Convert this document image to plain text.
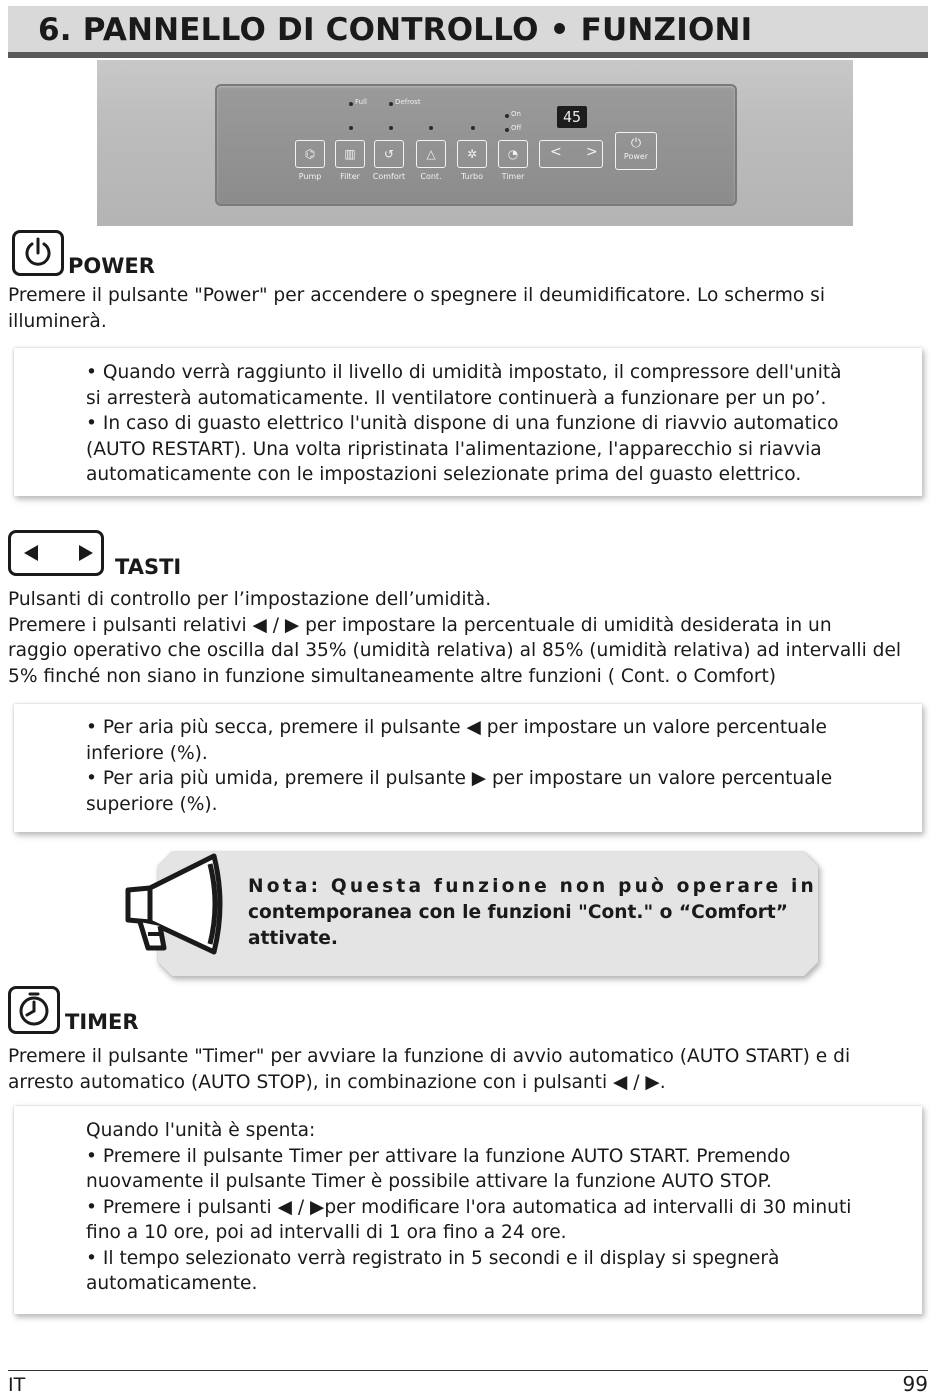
6. PANNELLO DI CONTROLLO • FUNZIONI
Full	Defrost
On
Off
45
⌬
Pump
▥
Filter
↺
Comfort
△
Cont.
✲
Turbo
◔
Timer
< >
⏻
Power
POWER
Premere il pulsante "Power" per accendere o spegnere il deumidificatore. Lo schermo si
illuminerà.
• Quando verrà raggiunto il livello di umidità impostato, il compressore dell'unità
si arresterà automaticamente. Il ventilatore continuerà a funzionare per un po’.
• In caso di guasto elettrico l'unità dispone di una funzione di riavvio automatico
(AUTO RESTART). Una volta ripristinata l'alimentazione, l'apparecchio si riavvia
automaticamente con le impostazioni selezionate prima del guasto elettrico.
TASTI
Pulsanti di controllo per l’impostazione dell’umidità.
Premere i pulsanti relativi ◀ / ▶ per impostare la percentuale di umidità desiderata in un
raggio operativo che oscilla dal 35% (umidità relativa) al 85% (umidità relativa) ad intervalli del
5% finché non siano in funzione simultaneamente altre funzioni ( Cont. o Comfort)
• Per aria più secca, premere il pulsante ◀ per impostare un valore percentuale
inferiore (%).
• Per aria più umida, premere il pulsante ▶ per impostare un valore percentuale
superiore (%).
Nota: Questa funzione non può operare in
contemporanea con le funzioni "Cont." o “Comfort”
attivate.
TIMER
Premere il pulsante "Timer" per avviare la funzione di avvio automatico (AUTO START) e di
arresto automatico (AUTO STOP), in combinazione con i pulsanti ◀ / ▶.
Quando l'unità è spenta:
• Premere il pulsante Timer per attivare la funzione AUTO START. Premendo
nuovamente il pulsante Timer è possibile attivare la funzione AUTO STOP.
• Premere i pulsanti ◀ / ▶per modificare l'ora automatica ad intervalli di 30 minuti
fino a 10 ore, poi ad intervalli di 1 ora fino a 24 ore.
• Il tempo selezionato verrà registrato in 5 secondi e il display si spegnerà
automaticamente.
IT	99
